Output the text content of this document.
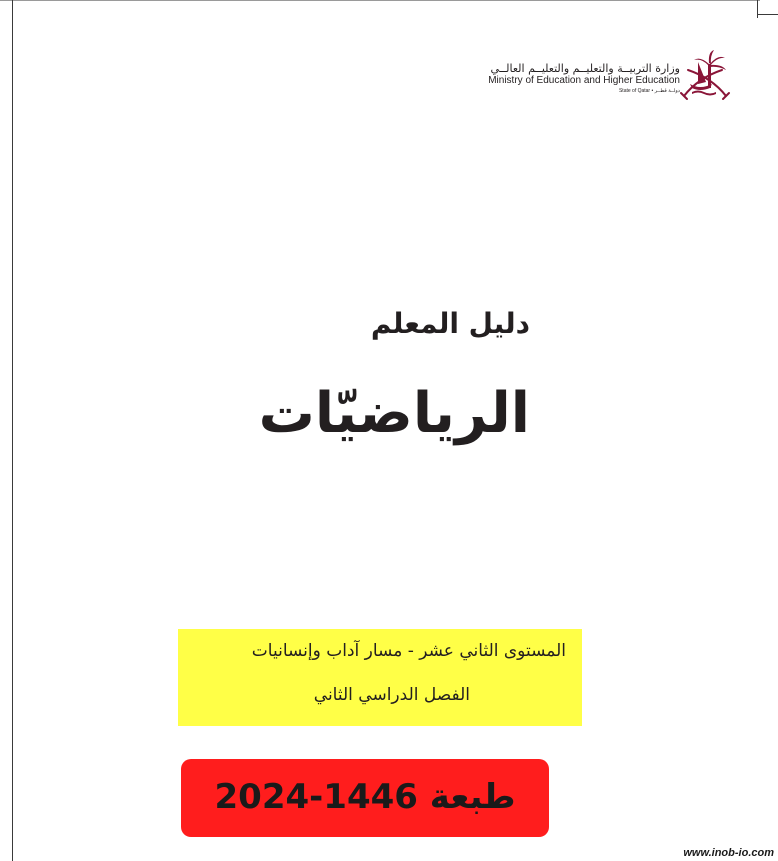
وزارة التربيــة والتعليــم والتعليــم العالــي
Ministry of Education and Higher Education
State of Qatar • دولــة قطــر
دليل المعلم
الرياضيّات
المستوى الثاني عشر - مسار آداب وإنسانيات
الفصل الدراسي الثاني
طبعة 1446-2024
www.inob-io.com
